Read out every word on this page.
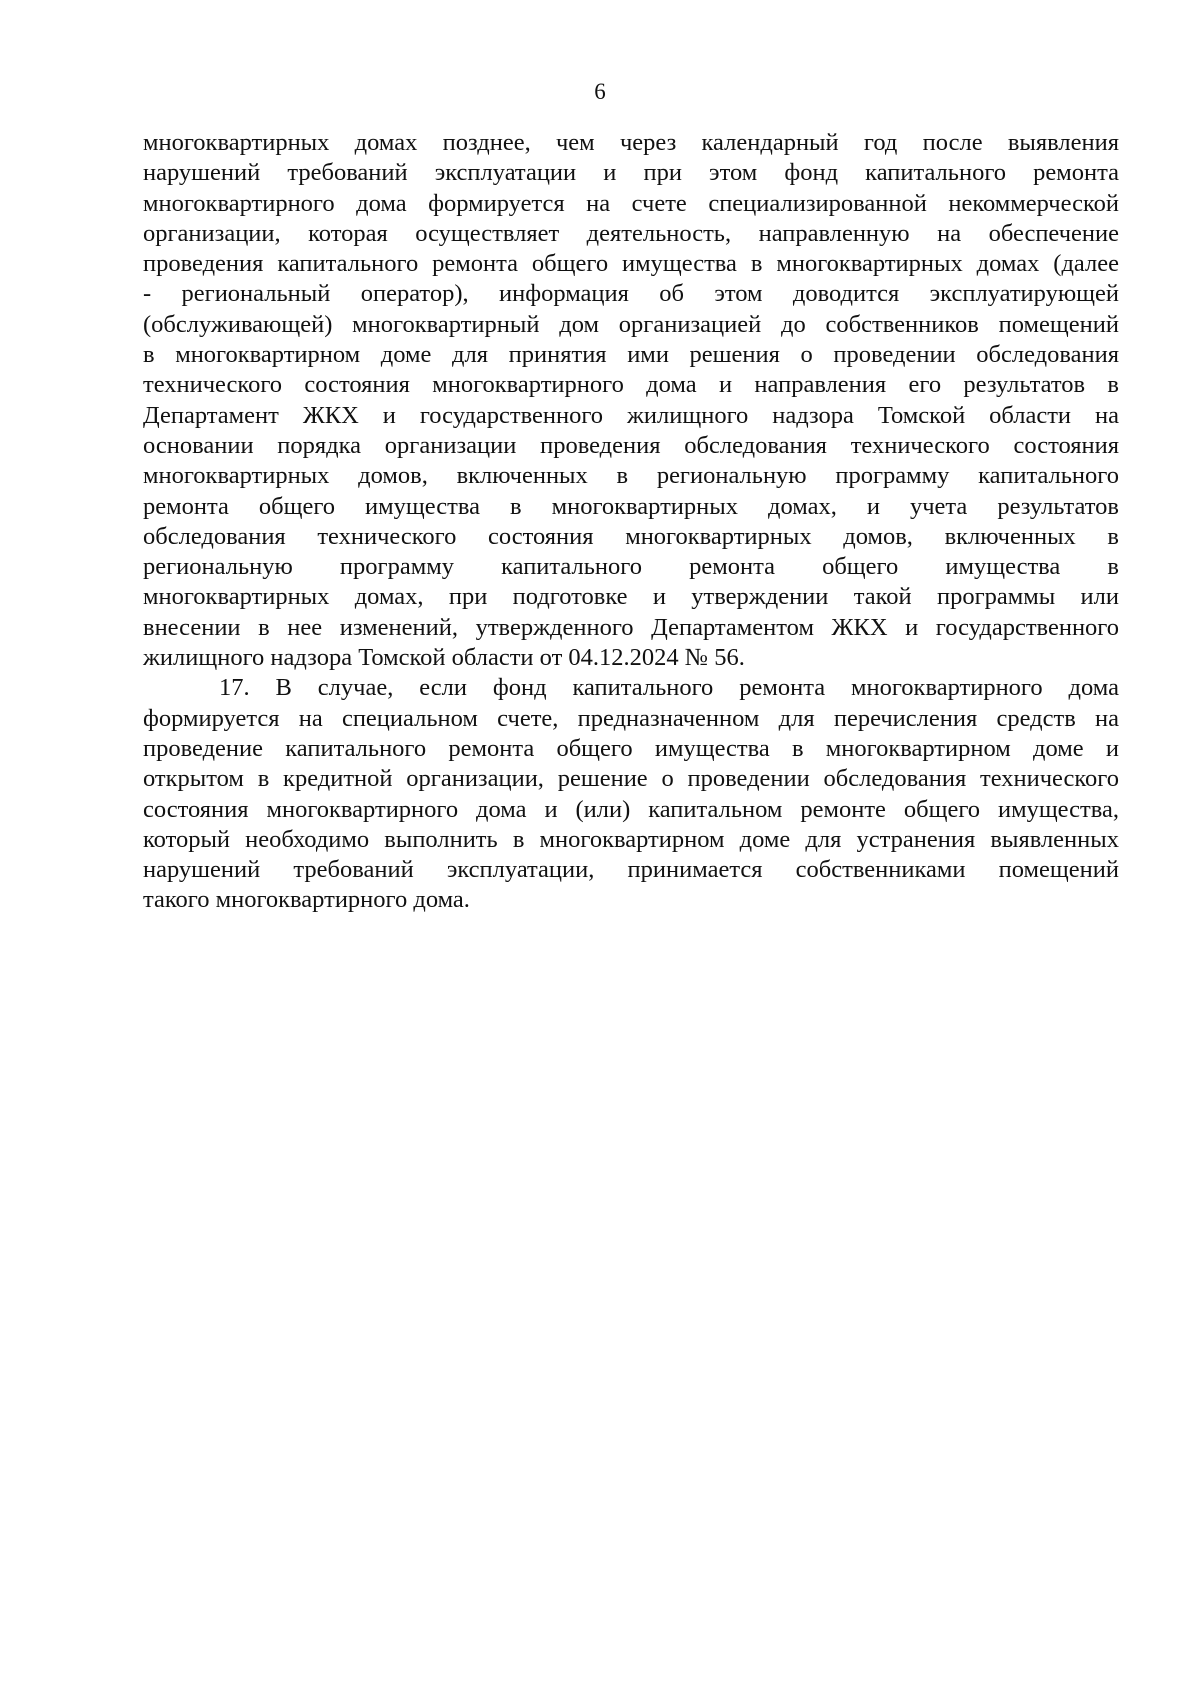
6
многоквартирных домах позднее, чем через календарный год после выявления
нарушений требований эксплуатации и при этом фонд капитального ремонта
многоквартирного дома формируется на счете специализированной некоммерческой
организации, которая осуществляет деятельность, направленную на обеспечение
проведения капитального ремонта общего имущества в многоквартирных домах (далее
- региональный оператор), информация об этом доводится эксплуатирующей
(обслуживающей) многоквартирный дом организацией до собственников помещений
в многоквартирном доме для принятия ими решения о проведении обследования
технического состояния многоквартирного дома и направления его результатов в
Департамент ЖКХ и государственного жилищного надзора Томской области на
основании порядка организации проведения обследования технического состояния
многоквартирных домов, включенных в региональную программу капитального
ремонта общего имущества в многоквартирных домах, и учета результатов
обследования технического состояния многоквартирных домов, включенных в
региональную программу капитального ремонта общего имущества в
многоквартирных домах, при подготовке и утверждении такой программы или
внесении в нее изменений, утвержденного Департаментом ЖКХ и государственного
жилищного надзора Томской области от 04.12.2024 № 56.
17. В случае, если фонд капитального ремонта многоквартирного дома
формируется на специальном счете, предназначенном для перечисления средств на
проведение капитального ремонта общего имущества в многоквартирном доме и
открытом в кредитной организации, решение о проведении обследования технического
состояния многоквартирного дома и (или) капитальном ремонте общего имущества,
который необходимо выполнить в многоквартирном доме для устранения выявленных
нарушений требований эксплуатации, принимается собственниками помещений
такого многоквартирного дома.
